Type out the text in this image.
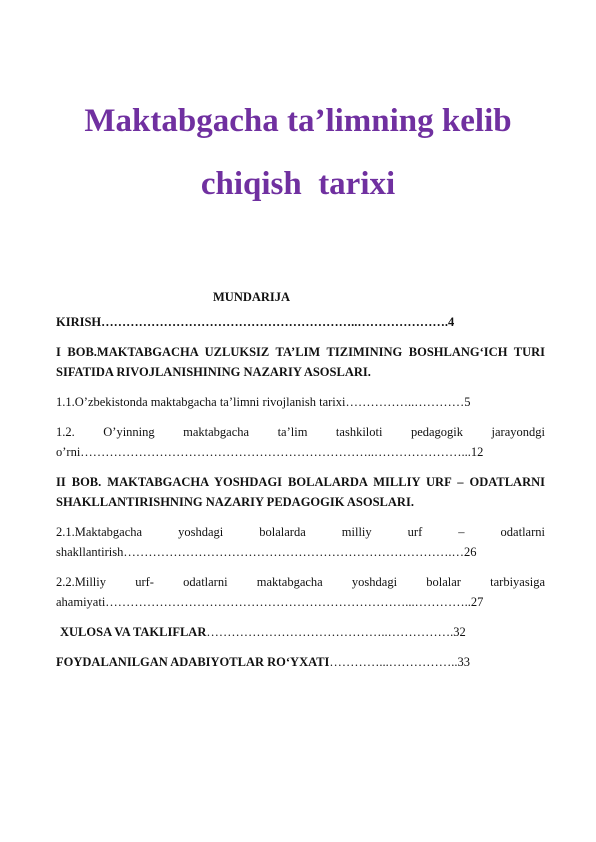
Maktabgacha ta’limning kelib
chiqish  tarixi
MUNDARIJA
KIRISH……………………………………………………..………………….4
I BOB.MAKTABGACHA UZLUKSIZ TA’LIM TIZIMINING BOSHLANG‘ICH TURI SIFATIDA RIVOJLANISHINING NAZARIY ASOSLARI.
1.1.O’zbekistonda maktabgacha ta’limni rivojlanish tarixi……………..…………5
1.2. O’yinning maktabgacha ta’lim tashkiloti pedagogik jarayondgi
o’rni……………………………………………………………..…………………...12
II BOB. MAKTABGACHA YOSHDAGI BOLALARDA MILLIY URF – ODATLARNI SHAKLLANTIRISHNING NAZARIY PEDAGOGIK ASOSLARI.
2.1.Maktabgacha yoshdagi bolalarda milliy urf – odatlarni
shakllantirish…………………………………………………………………….…26
2.2.Milliy urf- odatlarni maktabgacha yoshdagi bolalar tarbiyasiga
ahamiyati………………………………………………………………...…………..27
XULOSA VA TAKLIFLAR……………………………………..…………….32
FOYDALANILGAN ADABIYOTLAR RO‘YXATI…………...……………..33
